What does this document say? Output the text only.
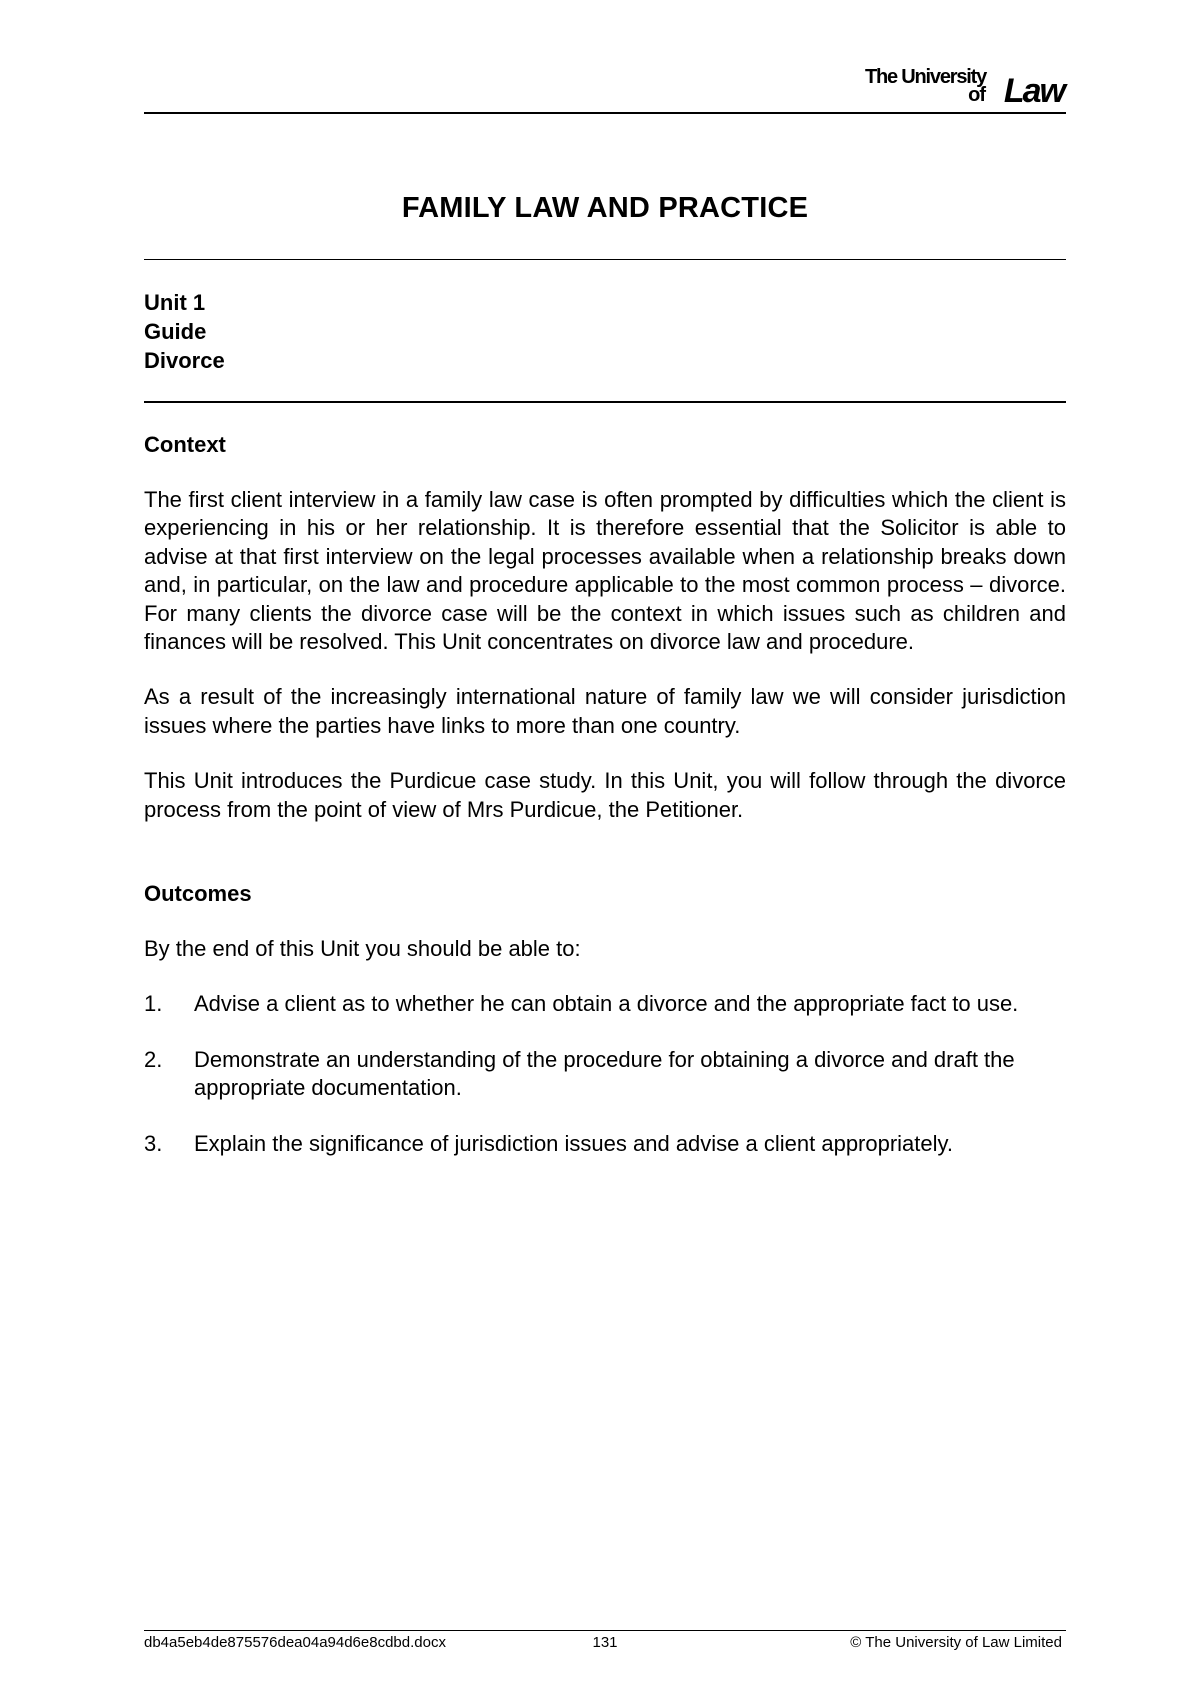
The University
of Law
FAMILY LAW AND PRACTICE
Unit 1
Guide
Divorce
Context

The first client interview in a family law case is often prompted by difficulties which the client is experiencing in his or her relationship. It is therefore essential that the Solicitor is able to advise at that first interview on the legal processes available when a relationship breaks down and, in particular, on the law and procedure applicable to the most common process – divorce. For many clients the divorce case will be the context in which issues such as children and finances will be resolved. This Unit concentrates on divorce law and procedure.

As a result of the increasingly international nature of family law we will consider jurisdiction issues where the parties have links to more than one country.

This Unit introduces the Purdicue case study. In this Unit, you will follow through the divorce process from the point of view of Mrs Purdicue, the Petitioner.

Outcomes

By the end of this Unit you should be able to:

1.	Advise a client as to whether he can obtain a divorce and the appropriate fact to use.
2.	Demonstrate an understanding of the procedure for obtaining a divorce and draft the appropriate documentation.
3.	Explain the significance of jurisdiction issues and advise a client appropriately.
db4a5eb4de875576dea04a94d6e8cdbd.docx	131	© The University of Law Limited
